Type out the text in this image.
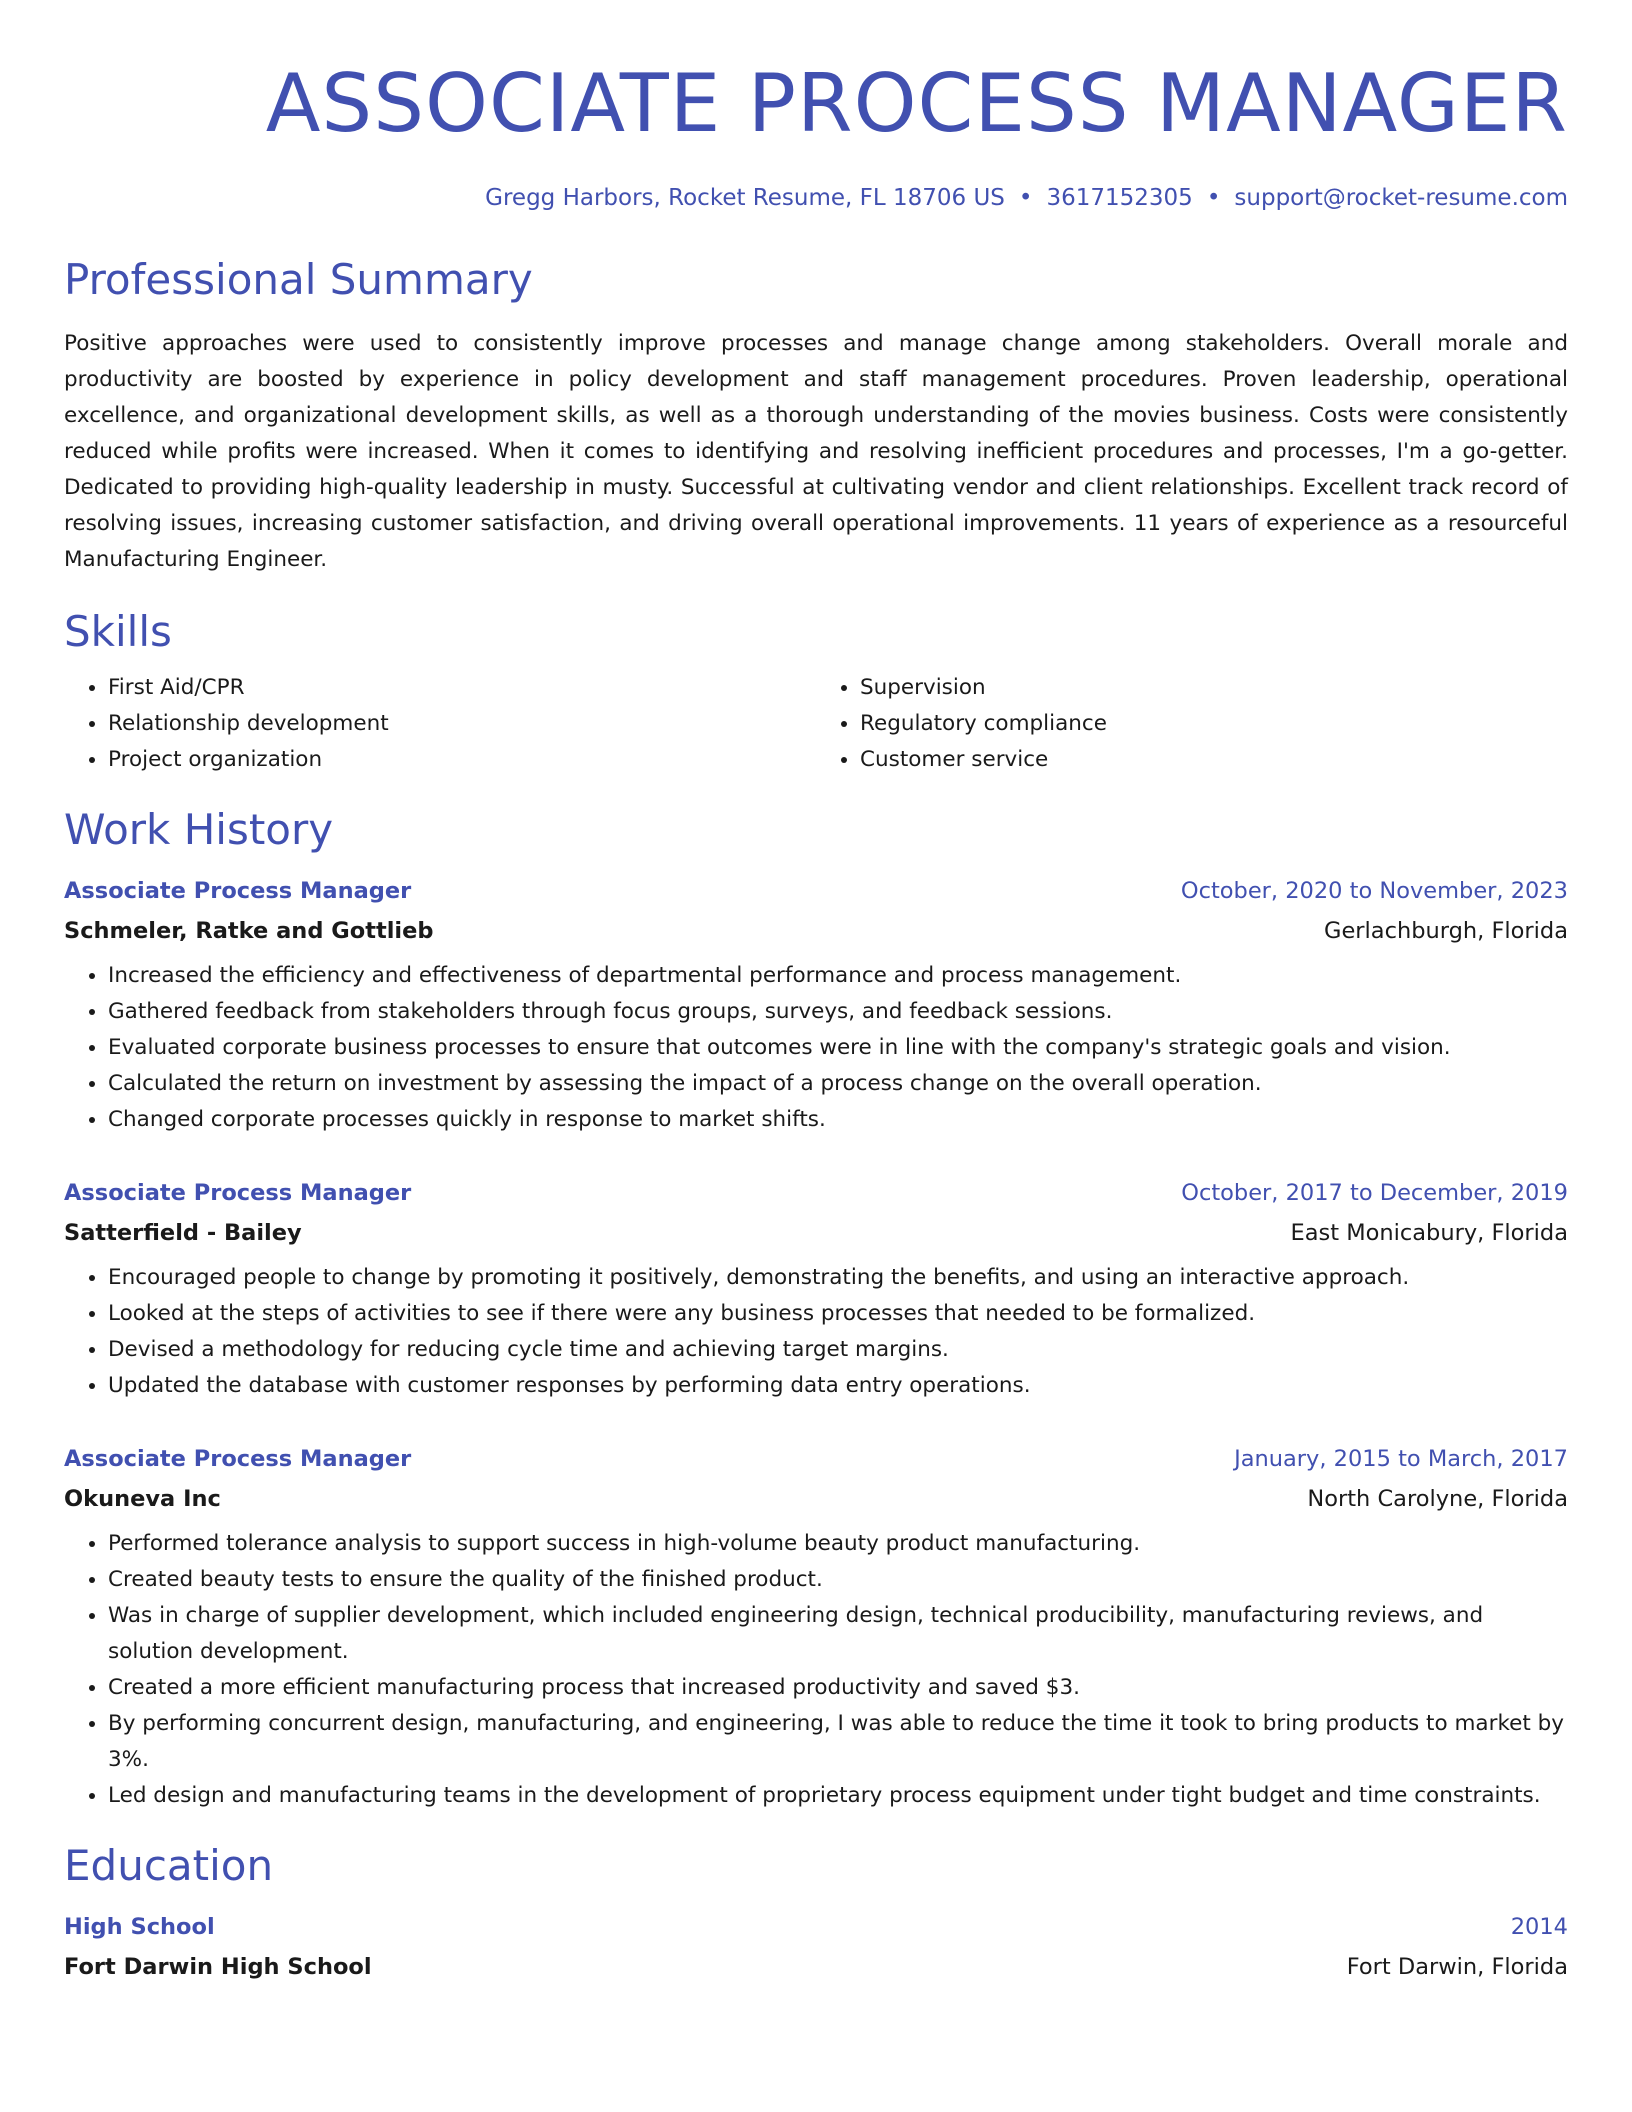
ASSOCIATE PROCESS MANAGER
Gregg Harbors, Rocket Resume, FL 18706 US • 3617152305 • support@rocket-resume.com
Professional Summary

Positive approaches were used to consistently improve processes and manage change among stakeholders. Overall morale and productivity are boosted by experience in policy development and staff management procedures. Proven leadership, operational excellence, and organizational development skills, as well as a thorough understanding of the movies business. Costs were consistently reduced while profits were increased. When it comes to identifying and resolving inefficient procedures and processes, I'm a go-getter. Dedicated to providing high-quality leadership in musty. Successful at cultivating vendor and client relationships. Excellent track record of resolving issues, increasing customer satisfaction, and driving overall operational improvements. 11 years of experience as a resourceful Manufacturing Engineer.

Skills
• First Aid/CPR
• Relationship development
• Project organization
• Supervision
• Regulatory compliance
• Customer service
Work History
Associate Process Manager	October, 2020 to November, 2023
Schmeler, Ratke and Gottlieb	Gerlachburgh, Florida
• Increased the efficiency and effectiveness of departmental performance and process management.
• Gathered feedback from stakeholders through focus groups, surveys, and feedback sessions.
• Evaluated corporate business processes to ensure that outcomes were in line with the company's strategic goals and vision.
• Calculated the return on investment by assessing the impact of a process change on the overall operation.
• Changed corporate processes quickly in response to market shifts.
Associate Process Manager	October, 2017 to December, 2019
Satterfield - Bailey	East Monicabury, Florida
• Encouraged people to change by promoting it positively, demonstrating the benefits, and using an interactive approach.
• Looked at the steps of activities to see if there were any business processes that needed to be formalized.
• Devised a methodology for reducing cycle time and achieving target margins.
• Updated the database with customer responses by performing data entry operations.
Associate Process Manager	January, 2015 to March, 2017
Okuneva Inc	North Carolyne, Florida
• Performed tolerance analysis to support success in high-volume beauty product manufacturing.
• Created beauty tests to ensure the quality of the finished product.
• Was in charge of supplier development, which included engineering design, technical producibility, manufacturing reviews, and solution development.
• Created a more efficient manufacturing process that increased productivity and saved $3.
• By performing concurrent design, manufacturing, and engineering, I was able to reduce the time it took to bring products to market by 3%.
• Led design and manufacturing teams in the development of proprietary process equipment under tight budget and time constraints.
Education
High School	2014
Fort Darwin High School	Fort Darwin, Florida
